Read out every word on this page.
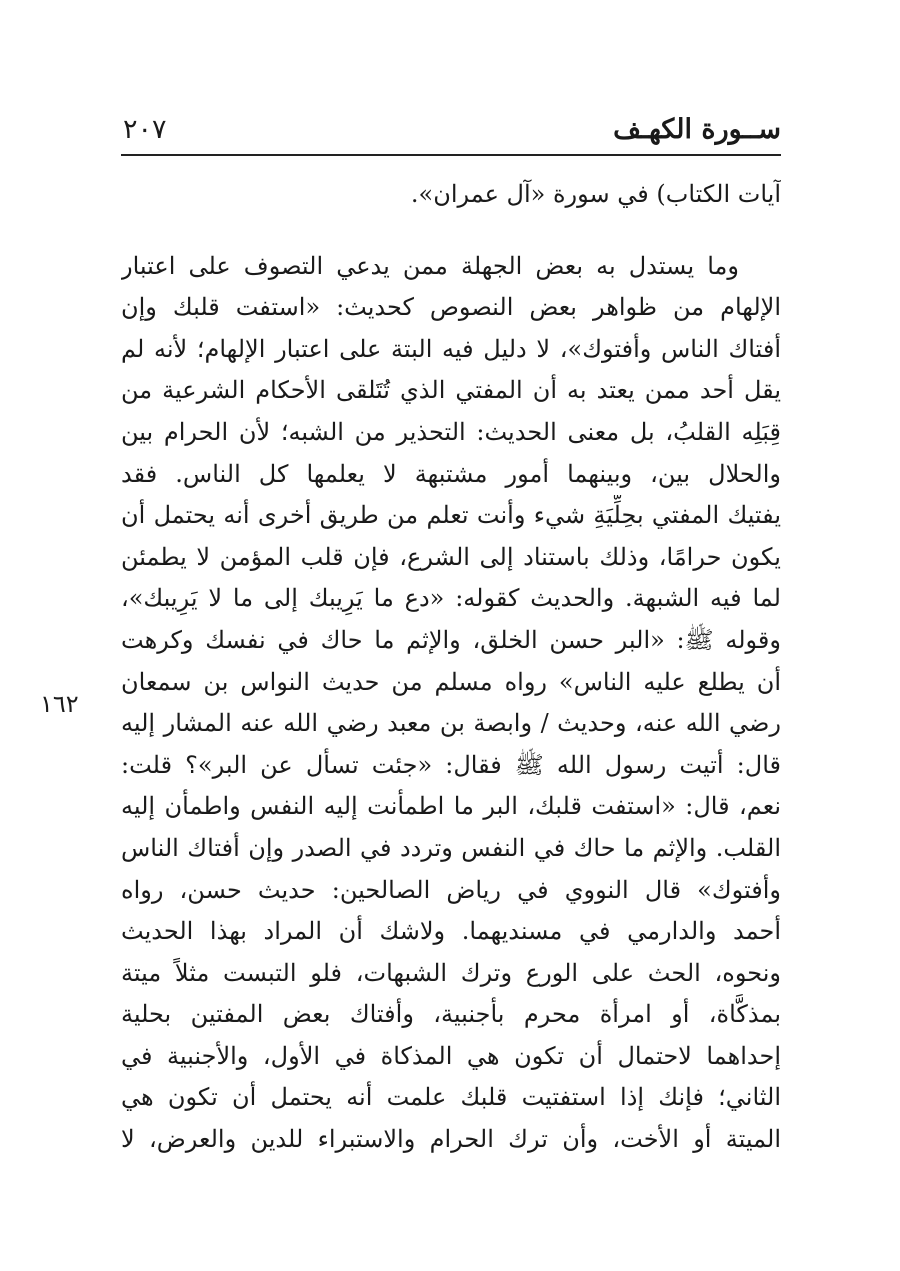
٢٠٧	ســورة الكهـف
١٦٢
آيات الكتاب) في سورة «آل عمران».
وما يستدل به بعض الجهلة ممن يدعي التصوف على اعتبار
الإلهام من ظواهر بعض النصوص كحديث: «استفت قلبك وإن
أفتاك الناس وأفتوك»، لا دليل فيه البتة على اعتبار الإلهام؛ لأنه لم
يقل أحد ممن يعتد به أن المفتي الذي تُتَلقى الأحكام الشرعية من
قِبَلِه القلبُ، بل معنى الحديث: التحذير من الشبه؛ لأن الحرام بين
والحلال بين، وبينهما أمور مشتبهة لا يعلمها كل الناس. فقد
يفتيك المفتي بحِلِّيَةِ شيء وأنت تعلم من طريق أخرى أنه يحتمل أن
يكون حرامًا، وذلك باستناد إلى الشرع، فإن قلب المؤمن لا يطمئن
لما فيه الشبهة. والحديث كقوله: «دع ما يَرِيبك إلى ما لا يَرِيبك»،
وقوله ﷺ: «البر حسن الخلق، والإثم ما حاك في نفسك وكرهت
أن يطلع عليه الناس» رواه مسلم من حديث النواس بن سمعان
رضي الله عنه، وحديث / وابصة بن معبد رضي الله عنه المشار إليه
قال: أتيت رسول الله ﷺ فقال: «جئت تسأل عن البر»؟ قلت:
نعم، قال: «استفت قلبك، البر ما اطمأنت إليه النفس واطمأن إليه
القلب. والإثم ما حاك في النفس وتردد في الصدر وإن أفتاك الناس
وأفتوك» قال النووي في رياض الصالحين: حديث حسن، رواه
أحمد والدارمي في مسنديهما. ولاشك أن المراد بهذا الحديث
ونحوه، الحث على الورع وترك الشبهات، فلو التبست مثلاً ميتة
بمذكَّاة، أو امرأة محرم بأجنبية، وأفتاك بعض المفتين بحلية
إحداهما لاحتمال أن تكون هي المذكاة في الأول، والأجنبية في
الثاني؛ فإنك إذا استفتيت قلبك علمت أنه يحتمل أن تكون هي
الميتة أو الأخت، وأن ترك الحرام والاستبراء للدين والعرض، لا
